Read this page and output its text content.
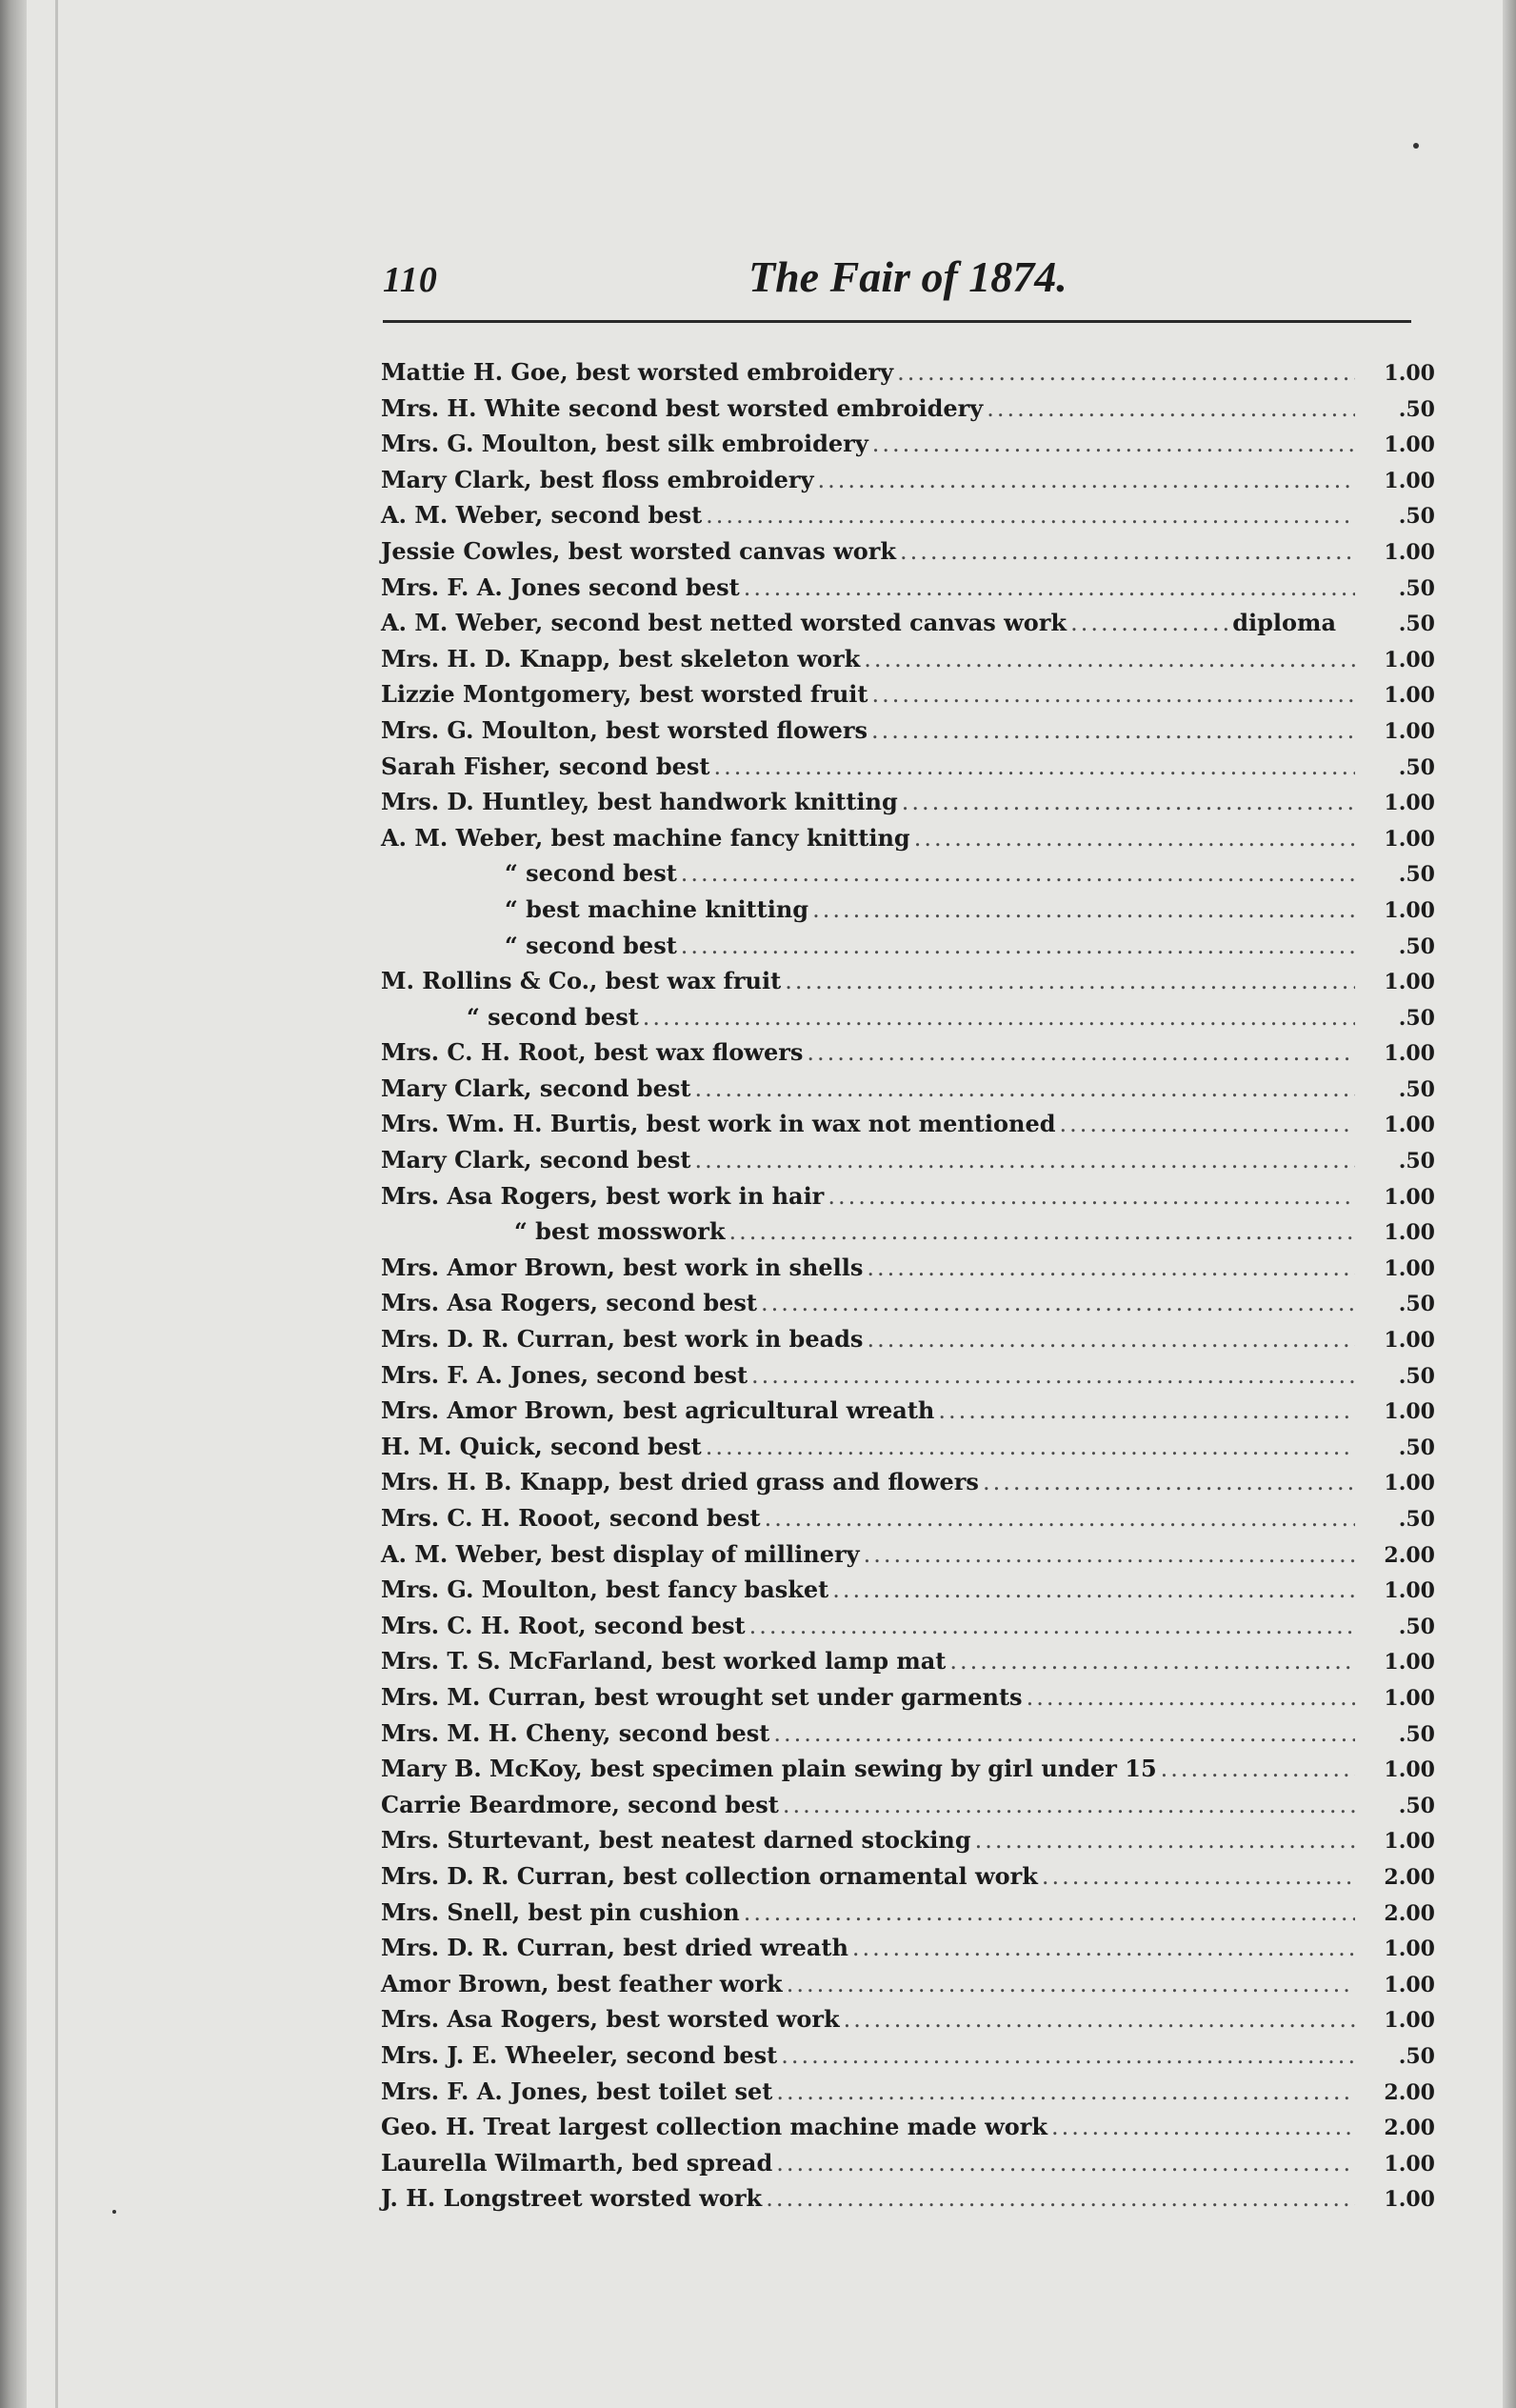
110	The Fair of 1874.
Mattie H. Goe, best worsted embroidery .....	1.00
Mrs. H. White second best worsted embroidery .....	.50
Mrs. G. Moulton, best silk embroidery .....	1.00
Mary Clark, best floss embroidery .....	1.00
A. M. Weber, second best .....	.50
Jessie Cowles, best worsted canvas work .....	1.00
Mrs. F. A. Jones second best .....	.50
A. M. Weber, second best netted worsted canvas work .....	diploma	.50
Mrs. H. D. Knapp, best skeleton work .....	1.00
Lizzie Montgomery, best worsted fruit .....	1.00
Mrs. G. Moulton, best worsted flowers .....	1.00
Sarah Fisher, second best .....	.50
Mrs. D. Huntley, best handwork knitting .....	1.00
A. M. Weber, best machine fancy knitting .....	1.00
“ second best .....	.50
“ best machine knitting .....	1.00
“ second best .....	.50
M. Rollins & Co., best wax fruit .....	1.00
“ second best .....	.50
Mrs. C. H. Root, best wax flowers .....	1.00
Mary Clark, second best .....	.50
Mrs. Wm. H. Burtis, best work in wax not mentioned .....	1.00
Mary Clark, second best .....	.50
Mrs. Asa Rogers, best work in hair .....	1.00
“ best mosswork .....	1.00
Mrs. Amor Brown, best work in shells .....	1.00
Mrs. Asa Rogers, second best .....	.50
Mrs. D. R. Curran, best work in beads .....	1.00
Mrs. F. A. Jones, second best .....	.50
Mrs. Amor Brown, best agricultural wreath .....	1.00
H. M. Quick, second best .....	.50
Mrs. H. B. Knapp, best dried grass and flowers .....	1.00
Mrs. C. H. Rooot, second best .....	.50
A. M. Weber, best display of millinery .....	2.00
Mrs. G. Moulton, best fancy basket .....	1.00
Mrs. C. H. Root, second best .....	.50
Mrs. T. S. McFarland, best worked lamp mat .....	1.00
Mrs. M. Curran, best wrought set under garments .....	1.00
Mrs. M. H. Cheny, second best .....	.50
Mary B. McKoy, best specimen plain sewing by girl under 15 .....	1.00
Carrie Beardmore, second best .....	.50
Mrs. Sturtevant, best neatest darned stocking .....	1.00
Mrs. D. R. Curran, best collection ornamental work .....	2.00
Mrs. Snell, best pin cushion .....	2.00
Mrs. D. R. Curran, best dried wreath .....	1.00
Amor Brown, best feather work .....	1.00
Mrs. Asa Rogers, best worsted work .....	1.00
Mrs. J. E. Wheeler, second best .....	.50
Mrs. F. A. Jones, best toilet set .....	2.00
Geo. H. Treat largest collection machine made work .....	2.00
Laurella Wilmarth, bed spread .....	1.00
J. H. Longstreet worsted work .....	1.00
